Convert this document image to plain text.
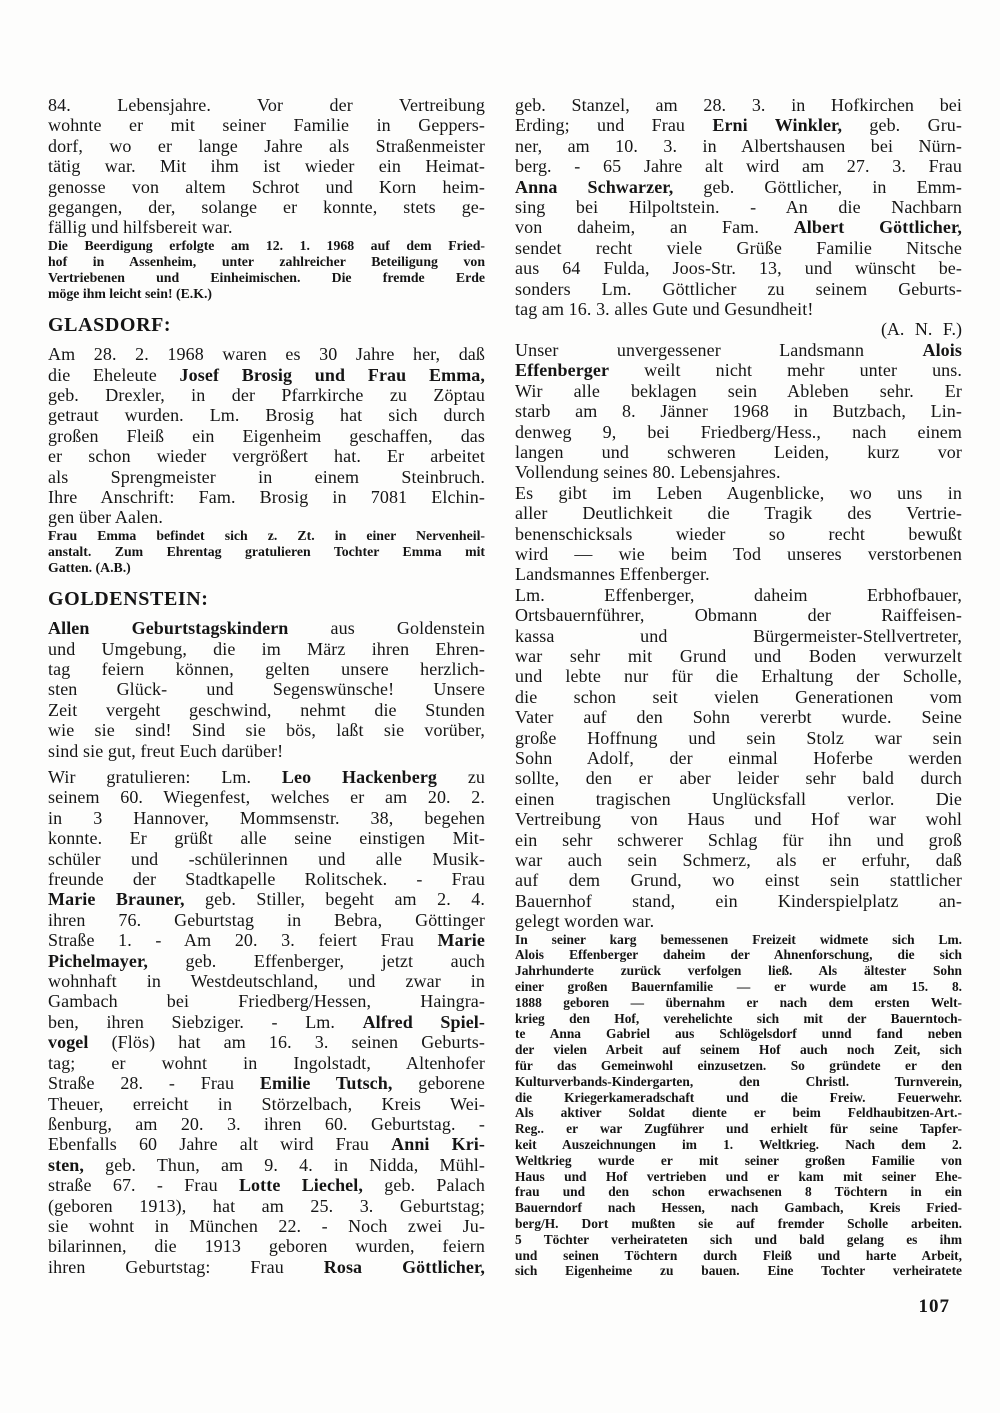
84. Lebensjahre. Vor der Vertreibung
wohnte er mit seiner Familie in Geppers-
dorf, wo er lange Jahre als Straßenmeister
tätig war. Mit ihm ist wieder ein Heimat-
genosse von altem Schrot und Korn heim-
gegangen, der, solange er konnte, stets ge-
fällig und hilfsbereit war.
Die Beerdigung erfolgte am 12. 1. 1968 auf dem Fried-
hof in Assenheim, unter zahlreicher Beteiligung von
Vertriebenen und Einheimischen. Die fremde Erde
möge ihm leicht sein! (E.K.)
GLASDORF:
Am 28. 2. 1968 waren es 30 Jahre her, daß
die Eheleute Josef Brosig und Frau Emma,
geb. Drexler, in der Pfarrkirche zu Zöptau
getraut wurden. Lm. Brosig hat sich durch
großen Fleiß ein Eigenheim geschaffen, das
er schon wieder vergrößert hat. Er arbeitet
als Sprengmeister in einem Steinbruch.
Ihre Anschrift: Fam. Brosig in 7081 Elchin-
gen über Aalen.
Frau Emma befindet sich z. Zt. in einer Nervenheil-
anstalt. Zum Ehrentag gratulieren Tochter Emma mit
Gatten. (A.B.)
GOLDENSTEIN:
Allen Geburtstagskindern aus Goldenstein
und Umgebung, die im März ihren Ehren-
tag feiern können, gelten unsere herzlich-
sten Glück- und Segenswünsche! Unsere
Zeit vergeht geschwind, nehmt die Stunden
wie sie sind! Sind sie bös, laßt sie vorüber,
sind sie gut, freut Euch darüber!
Wir gratulieren: Lm. Leo Hackenberg zu
seinem 60. Wiegenfest, welches er am 20. 2.
in 3 Hannover, Mommsenstr. 38, begehen
konnte. Er grüßt alle seine einstigen Mit-
schüler und -schülerinnen und alle Musik-
freunde der Stadtkapelle Rolitschek. - Frau
Marie Brauner, geb. Stiller, begeht am 2. 4.
ihren 76. Geburtstag in Bebra, Göttinger
Straße 1. - Am 20. 3. feiert Frau Marie
Pichelmayer, geb. Effenberger, jetzt auch
wohnhaft in Westdeutschland, und zwar in
Gambach bei Friedberg/Hessen, Haingra-
ben, ihren Siebziger. - Lm. Alfred Spiel-
vogel (Flös) hat am 16. 3. seinen Geburts-
tag; er wohnt in Ingolstadt, Altenhofer
Straße 28. - Frau Emilie Tutsch, geborene
Theuer, erreicht in Störzelbach, Kreis Wei-
ßenburg, am 20. 3. ihren 60. Geburtstag. -
Ebenfalls 60 Jahre alt wird Frau Anni Kri-
sten, geb. Thun, am 9. 4. in Nidda, Mühl-
straße 67. - Frau Lotte Liechel, geb. Palach
(geboren 1913), hat am 25. 3. Geburtstag;
sie wohnt in München 22. - Noch zwei Ju-
bilarinnen, die 1913 geboren wurden, feiern
ihren Geburtstag: Frau Rosa Göttlicher,
geb. Stanzel, am 28. 3. in Hofkirchen bei
Erding; und Frau Erni Winkler, geb. Gru-
ner, am 10. 3. in Albertshausen bei Nürn-
berg. - 65 Jahre alt wird am 27. 3. Frau
Anna Schwarzer, geb. Göttlicher, in Emm-
sing bei Hilpoltstein. - An die Nachbarn
von daheim, an Fam. Albert Göttlicher,
sendet recht viele Grüße Familie Nitsche
aus 64 Fulda, Joos-Str. 13, und wünscht be-
sonders Lm. Göttlicher zu seinem Geburts-
tag am 16. 3. alles Gute und Gesundheit!
(A. N. F.)
Unser unvergessener Landsmann Alois
Effenberger weilt nicht mehr unter uns.
Wir alle beklagen sein Ableben sehr. Er
starb am 8. Jänner 1968 in Butzbach, Lin-
denweg 9, bei Friedberg/Hess., nach einem
langen und schweren Leiden, kurz vor
Vollendung seines 80. Lebensjahres.
Es gibt im Leben Augenblicke, wo uns in
aller Deutlichkeit die Tragik des Vertrie-
benenschicksals wieder so recht bewußt
wird — wie beim Tod unseres verstorbenen
Landsmannes Effenberger.
Lm. Effenberger, daheim Erbhofbauer,
Ortsbauernführer, Obmann der Raiffeisen-
kassa und Bürgermeister-Stellvertreter,
war sehr mit Grund und Boden verwurzelt
und lebte nur für die Erhaltung der Scholle,
die schon seit vielen Generationen vom
Vater auf den Sohn vererbt wurde. Seine
große Hoffnung und sein Stolz war sein
Sohn Adolf, der einmal Hoferbe werden
sollte, den er aber leider sehr bald durch
einen tragischen Unglücksfall verlor. Die
Vertreibung von Haus und Hof war wohl
ein sehr schwerer Schlag für ihn und groß
war auch sein Schmerz, als er erfuhr, daß
auf dem Grund, wo einst sein stattlicher
Bauernhof stand, ein Kinderspielplatz an-
gelegt worden war.
In seiner karg bemessenen Freizeit widmete sich Lm.
Alois Effenberger daheim der Ahnenforschung, die sich
Jahrhunderte zurück verfolgen ließ. Als ältester Sohn
einer großen Bauernfamilie — er wurde am 15. 8.
1888 geboren — übernahm er nach dem ersten Welt-
krieg den Hof, verehelichte sich mit der Bauerntoch-
te Anna Gabriel aus Schlögelsdorf unnd fand neben
der vielen Arbeit auf seinem Hof auch noch Zeit, sich
für das Gemeinwohl einzusetzen. So gründete er den
Kulturverbands-Kindergarten, den Christl. Turnverein,
die Kriegerkameradschaft und die Freiw. Feuerwehr.
Als aktiver Soldat diente er beim Feldhaubitzen-Art.-
Reg.. er war Zugführer und erhielt für seine Tapfer-
keit Auszeichnungen im 1. Weltkrieg. Nach dem 2.
Weltkrieg wurde er mit seiner großen Familie von
Haus und Hof vertrieben und er kam mit seiner Ehe-
frau und den schon erwachsenen 8 Töchtern in ein
Bauerndorf nach Hessen, nach Gambach, Kreis Fried-
berg/H. Dort mußten sie auf fremder Scholle arbeiten.
5 Töchter verheirateten sich und bald gelang es ihm
und seinen Töchtern durch Fleiß und harte Arbeit,
sich Eigenheime zu bauen. Eine Tochter verheiratete
107
